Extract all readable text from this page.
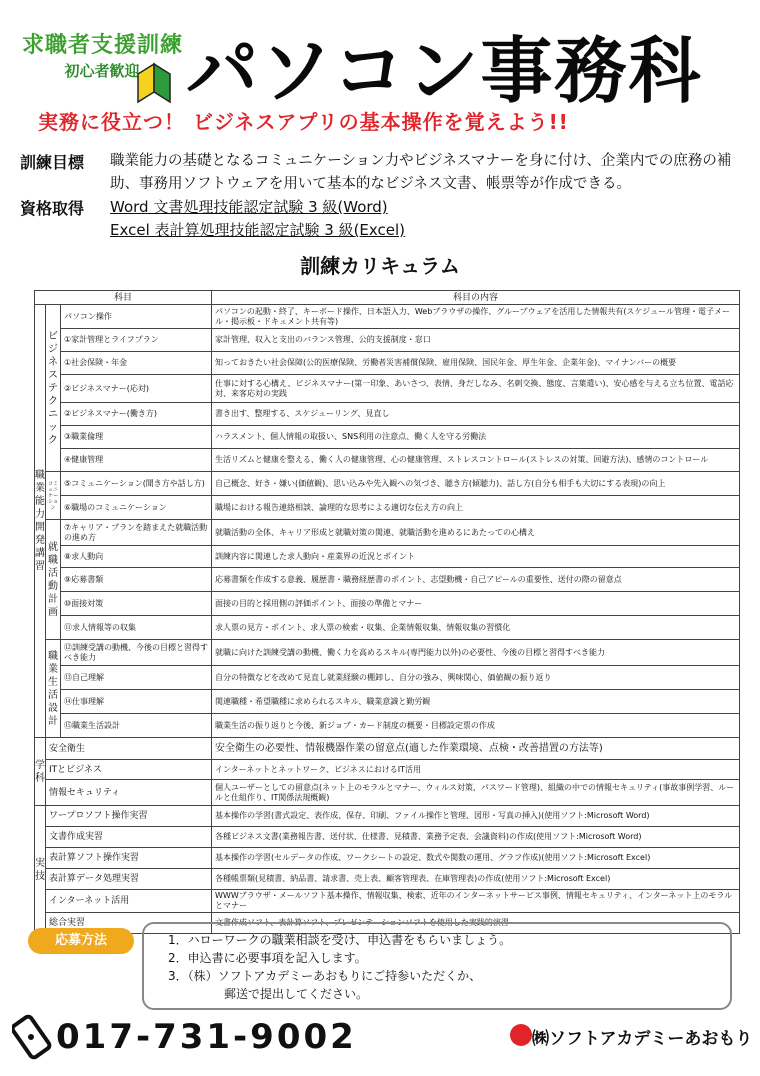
求職者支援訓練
初心者歓迎 パソコン事務科
実務に役立つ！ ビジネスアプリの基本操作を覚えよう!!
訓練目標	職業能力の基礎となるコミュニケーション力やビジネスマナーを身に付け、企業内での庶務の補助、事務用ソフトウェアを用いて基本的なビジネス文書、帳票等が作成できる。
資格取得	Word 文書処理技能認定試験 3 級(Word)
Excel 表計算処理技能認定試験 3 級(Excel)
訓練カリキュラム
科目			科目の内容
職業能力開発講習	ビジネステクニック	パソコン操作	パソコンの起動・終了、キーボード操作、日本語入力、Webブラウザの操作、グループウェアを活用した情報共有(スケジュール管理・電子メール・掲示板・ドキュメント共有等)
		①家計管理とライフプラン	家計管理、収入と支出のバランス管理、公的支援制度・窓口
		①社会保険・年金	知っておきたい社会保障(公的医療保険、労働者災害補償保険、雇用保険、国民年金、厚生年金、企業年金)、マイナンバーの概要
		②ビジネスマナー(応対)	仕事に対する心構え、ビジネスマナー(第一印象、あいさつ、表情、身だしなみ、名刺交換、態度、言葉遣い)、安心感を与える立ち位置、電話応対、来客応対の実践
		②ビジネスマナー(働き方)	書き出す、整理する、スケジューリング、見直し
		③職業倫理	ハラスメント、個人情報の取扱い、SNS利用の注意点、働く人を守る労働法
		④健康管理	生活リズムと健康を整える、働く人の健康管理、心の健康管理、ストレスコントロール(ストレスの対策、回避方法)、感情のコントロール
	コミュニケーション	⑤コミュニケーション(聞き方や話し方)	自己概念、好き・嫌い(価値観)、思い込みや先入観への気づき、聴き方(傾聴力)、話し方(自分も相手も大切にする表現)の向上
		⑥職場のコミュニケーション	職場における報告連絡相談、論理的な思考による適切な伝え方の向上
	就職活動計画	⑦キャリア・プランを踏まえた就職活動の進め方	就職活動の全体、キャリア形成と就職対策の関連、就職活動を進めるにあたっての心構え
		⑧求人動向	訓練内容に関連した求人動向・産業界の近況とポイント
		⑨応募書類	応募書類を作成する意義、履歴書・職務経歴書のポイント、志望動機・自己アピールの重要性、送付の際の留意点
		⑩面接対策	面接の目的と採用側の評価ポイント、面接の準備とマナー
		⑪求人情報等の収集	求人票の見方・ポイント、求人票の検索・収集、企業情報収集、情報収集の習慣化
	職業生活設計	⑫訓練受講の動機、今後の目標と習得すべき能力	就職に向けた訓練受講の動機、働く力を高めるスキル(専門能力以外)の必要性、今後の目標と習得すべき能力
		⑬自己理解	自分の特徴などを改めて見直し就業経験の棚卸し、自分の強み、興味関心、価値観の振り返り
		⑭仕事理解	関連職種・希望職種に求められるスキル、職業意識と勤労観
		⑮職業生活設計	職業生活の振り返りと今後、新ジョブ・カード制度の概要・目標設定票の作成
学科	安全衛生		安全衛生の必要性、情報機器作業の留意点(適した作業環境、点検・改善措置の方法等)
	ITとビジネス		インターネットとネットワーク、ビジネスにおけるIT活用
	情報セキュリティ		個人ユーザーとしての留意点(ネット上のモラルとマナー、ウィルス対策、パスワード管理)、組織の中での情報セキュリティ(事故事例学習、ルールと仕組作り、IT関係法規概観)
実技	ワープロソフト操作実習		基本操作の学習(書式設定、表作成、保存、印刷、ファイル操作と管理、図形・写真の挿入)(使用ソフト:Microsoft Word)
	文書作成実習		各種ビジネス文書(業務報告書、送付状、仕様書、見積書、業務予定表、会議資料)の作成(使用ソフト:Microsoft Word)
	表計算ソフト操作実習		基本操作の学習(セルデータの作成、ワークシートの設定、数式や関数の運用、グラフ作成)(使用ソフト:Microsoft Excel)
	表計算データ処理実習		各種帳票類(見積書、納品書、請求書、売上表、顧客管理表、在庫管理表)の作成(使用ソフト:Microsoft Excel)
	インターネット活用		WWWブラウザ・メールソフト基本操作、情報収集、検索、近年のインターネットサービス事例、情報セキュリティ、インターネット上のモラルとマナー
	総合実習		文書作成ソフト、表計算ソフト、プレゼンテーションソフトを使用した実践的演習
応募方法	1．ハローワークの職業相談を受け、申込書をもらいましょう。
2．申込書に必要事項を記入します。
3．（株）ソフトアカデミーあおもりにご持参いただくか、
郵送で提出してください。
017-731-9002	㈱ソフトアカデミーあおもり
